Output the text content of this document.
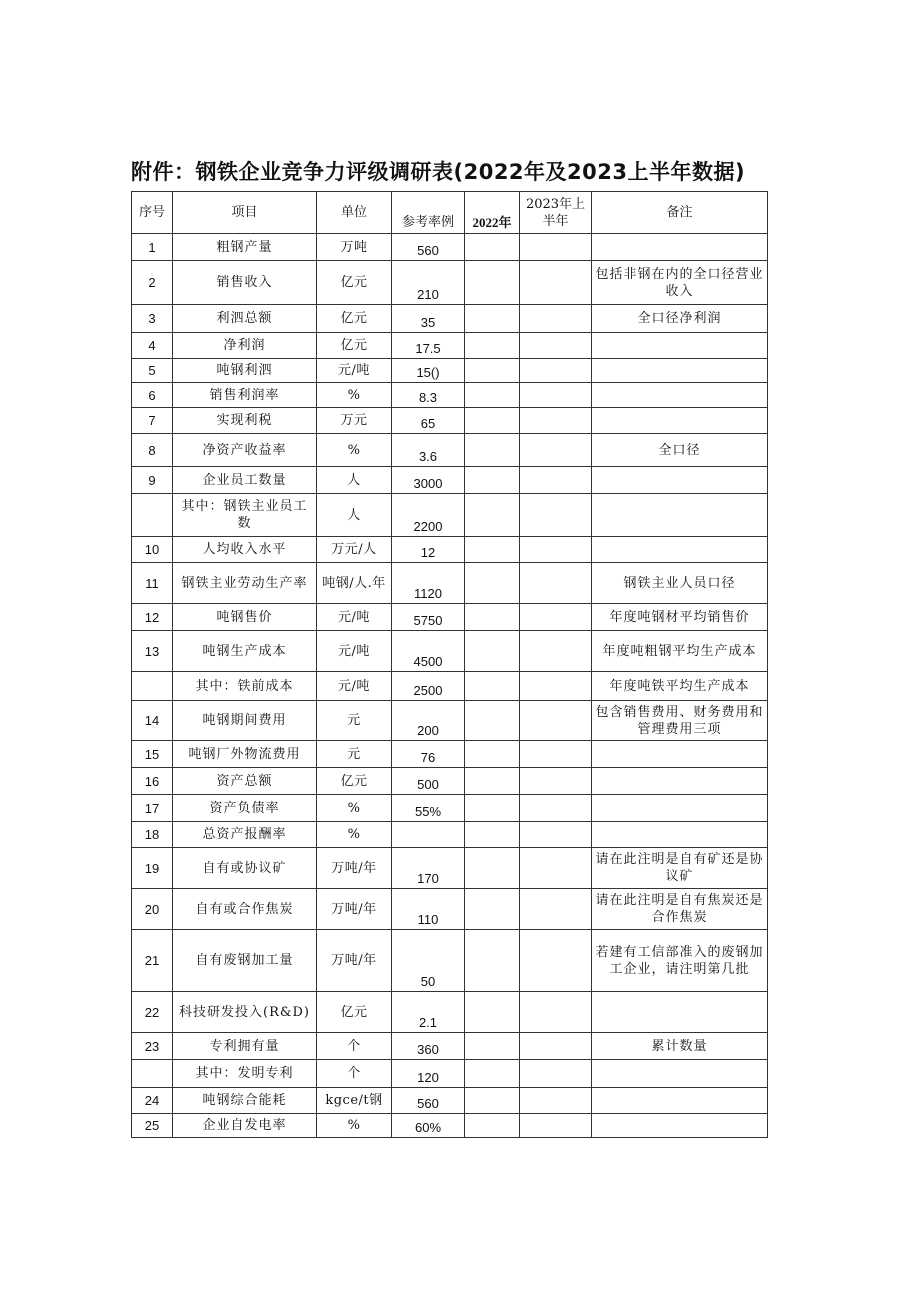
附件：钢铁企业竞争力评级调研表(2022年及2023上半年数据)
序号	项目	单位	参考率例	2022年	2023年上半年	备注
1	粗钢产量	万吨	560			
2	销售收入	亿元	210			包括非钢在内的全口径营业收入
3	利泗总额	亿元	35			全口径净利润
4	净利润	亿元	17.5			
5	吨钢利泗	元/吨	15()			
6	销售利润率	%	8.3			
7	实现利税	万元	65			
8	净资产收益率	%	3.6			全口径
9	企业员工数量	人	3000			
	其中：钢铁主业员工数	人	2200			
10	人均收入水平	万元/人	12			
11	钢铁主业劳动生产率	吨钢/人.年	1120			钢铁主业人员口径
12	吨钢售价	元/吨	5750			年度吨钢材平均销售价
13	吨钢生产成本	元/吨	4500			年度吨粗钢平均生产成本
	其中：铁前成本	元/吨	2500			年度吨铁平均生产成本
14	吨钢期间费用	元	200			包含销售费用、财务费用和管理费用三项
15	吨钢厂外物流费用	元	76			
16	资产总额	亿元	500			
17	资产负债率	%	55%			
18	总资产报酬率	%				
19	自有或协议矿	万吨/年	170			请在此注明是自有矿还是协议矿
20	自有或合作焦炭	万吨/年	110			请在此注明是自有焦炭还是合作焦炭
21	自有废钢加工量	万吨/年	50			若建有工信部准入的废钢加工企业，请注明第几批
22	科技研发投入(R&D)	亿元	2.1			
23	专利拥有量	个	360			累计数量
	其中：发明专利	个	120			
24	吨钢综合能耗	kgce/t钢	560			
25	企业自发电率	%	60%			
